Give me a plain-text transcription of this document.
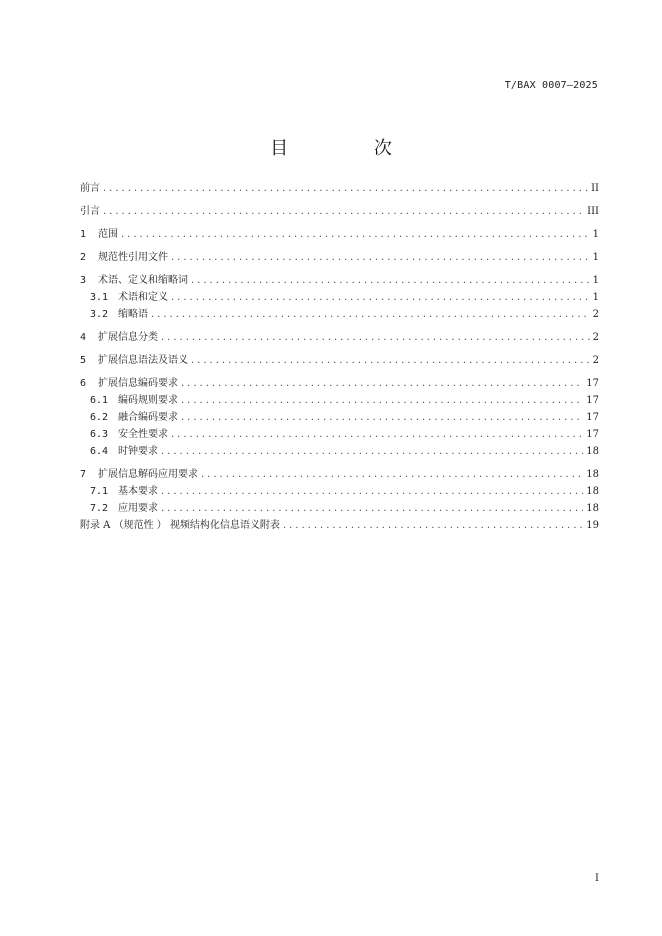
T/BAX 0007—2025
目 次
前言 .....	II
引言 .....	III
1 范围 .....	1
2 规范性引用文件 .....	1
3 术语、定义和缩略词 .....	1
3.1 术语和定义 .....	1
3.2 缩略语 .....	2
4 扩展信息分类 .....	2
5 扩展信息语法及语义 .....	2
6 扩展信息编码要求 .....	17
6.1 编码规则要求 .....	17
6.2 融合编码要求 .....	17
6.3 安全性要求 .....	17
6.4 时钟要求 .....	18
7 扩展信息解码应用要求 .....	18
7.1 基本要求 .....	18
7.2 应用要求 .....	18
附录 A （规范性 ） 视频结构化信息语义附表 .....	19
I
